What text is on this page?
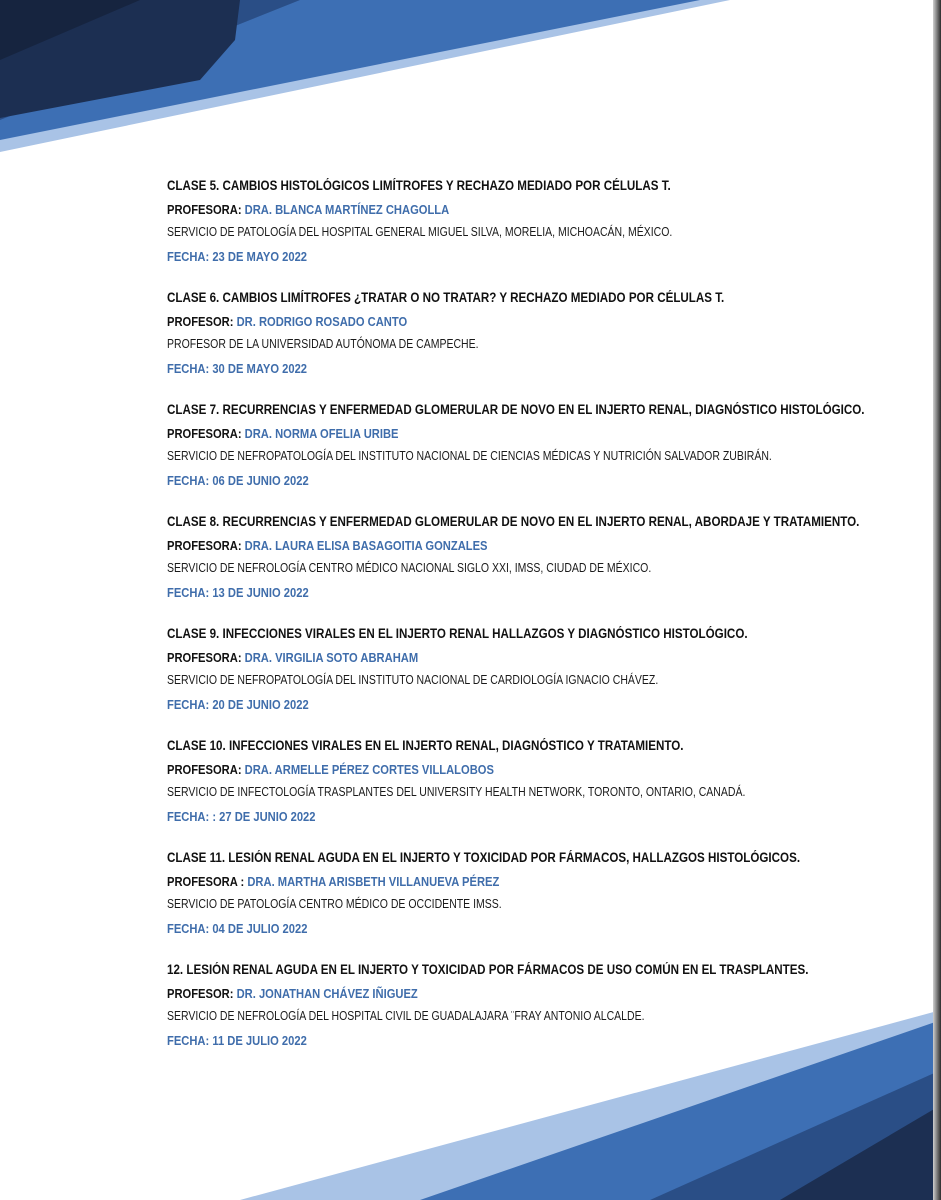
CLASE 5. CAMBIOS HISTOLÓGICOS LIMÍTROFES Y RECHAZO MEDIADO POR CÉLULAS T.
PROFESORA: DRA. BLANCA MARTÍNEZ CHAGOLLA
SERVICIO DE PATOLOGÍA DEL HOSPITAL GENERAL MIGUEL SILVA, MORELIA, MICHOACÁN, MÉXICO.
FECHA: 23 DE MAYO 2022
CLASE 6. CAMBIOS LIMÍTROFES ¿TRATAR O NO TRATAR? Y RECHAZO MEDIADO POR CÉLULAS T.
PROFESOR: DR. RODRIGO ROSADO CANTO
PROFESOR DE LA UNIVERSIDAD AUTÓNOMA DE CAMPECHE.
FECHA: 30 DE MAYO 2022
CLASE 7. RECURRENCIAS Y ENFERMEDAD GLOMERULAR DE NOVO EN EL INJERTO RENAL, DIAGNÓSTICO HISTOLÓGICO.
PROFESORA: DRA. NORMA OFELIA URIBE
SERVICIO DE NEFROPATOLOGÍA DEL INSTITUTO NACIONAL DE CIENCIAS MÉDICAS Y NUTRICIÓN SALVADOR ZUBIRÁN.
FECHA: 06 DE JUNIO 2022
CLASE 8. RECURRENCIAS Y ENFERMEDAD GLOMERULAR DE NOVO EN EL INJERTO RENAL, ABORDAJE Y TRATAMIENTO.
PROFESORA: DRA. LAURA ELISA BASAGOITIA GONZALES
SERVICIO DE NEFROLOGÍA CENTRO MÉDICO NACIONAL SIGLO XXI, IMSS, CIUDAD DE MÉXICO.
FECHA: 13 DE JUNIO 2022
CLASE 9. INFECCIONES VIRALES EN EL INJERTO RENAL HALLAZGOS Y DIAGNÓSTICO HISTOLÓGICO.
PROFESORA: DRA. VIRGILIA SOTO ABRAHAM
SERVICIO DE NEFROPATOLOGÍA DEL INSTITUTO NACIONAL DE CARDIOLOGÍA IGNACIO CHÁVEZ.
FECHA: 20 DE JUNIO 2022
CLASE 10. INFECCIONES VIRALES EN EL INJERTO RENAL, DIAGNÓSTICO Y TRATAMIENTO.
PROFESORA: DRA. ARMELLE PÉREZ CORTES VILLALOBOS
SERVICIO DE INFECTOLOGÍA TRASPLANTES DEL UNIVERSITY HEALTH NETWORK, TORONTO, ONTARIO, CANADÁ.
FECHA: : 27 DE JUNIO 2022
CLASE 11. LESIÓN RENAL AGUDA EN EL INJERTO Y TOXICIDAD POR FÁRMACOS, HALLAZGOS HISTOLÓGICOS.
PROFESORA : DRA. MARTHA ARISBETH VILLANUEVA PÉREZ
SERVICIO DE PATOLOGÍA CENTRO MÉDICO DE OCCIDENTE IMSS.
FECHA: 04 DE JULIO 2022
12. LESIÓN RENAL AGUDA EN EL INJERTO Y TOXICIDAD POR FÁRMACOS DE USO COMÚN EN EL TRASPLANTES.
PROFESOR: DR. JONATHAN CHÁVEZ IÑIGUEZ
SERVICIO DE NEFROLOGÍA DEL HOSPITAL CIVIL DE GUADALAJARA ¨FRAY ANTONIO ALCALDE.
FECHA: 11 DE JULIO 2022
